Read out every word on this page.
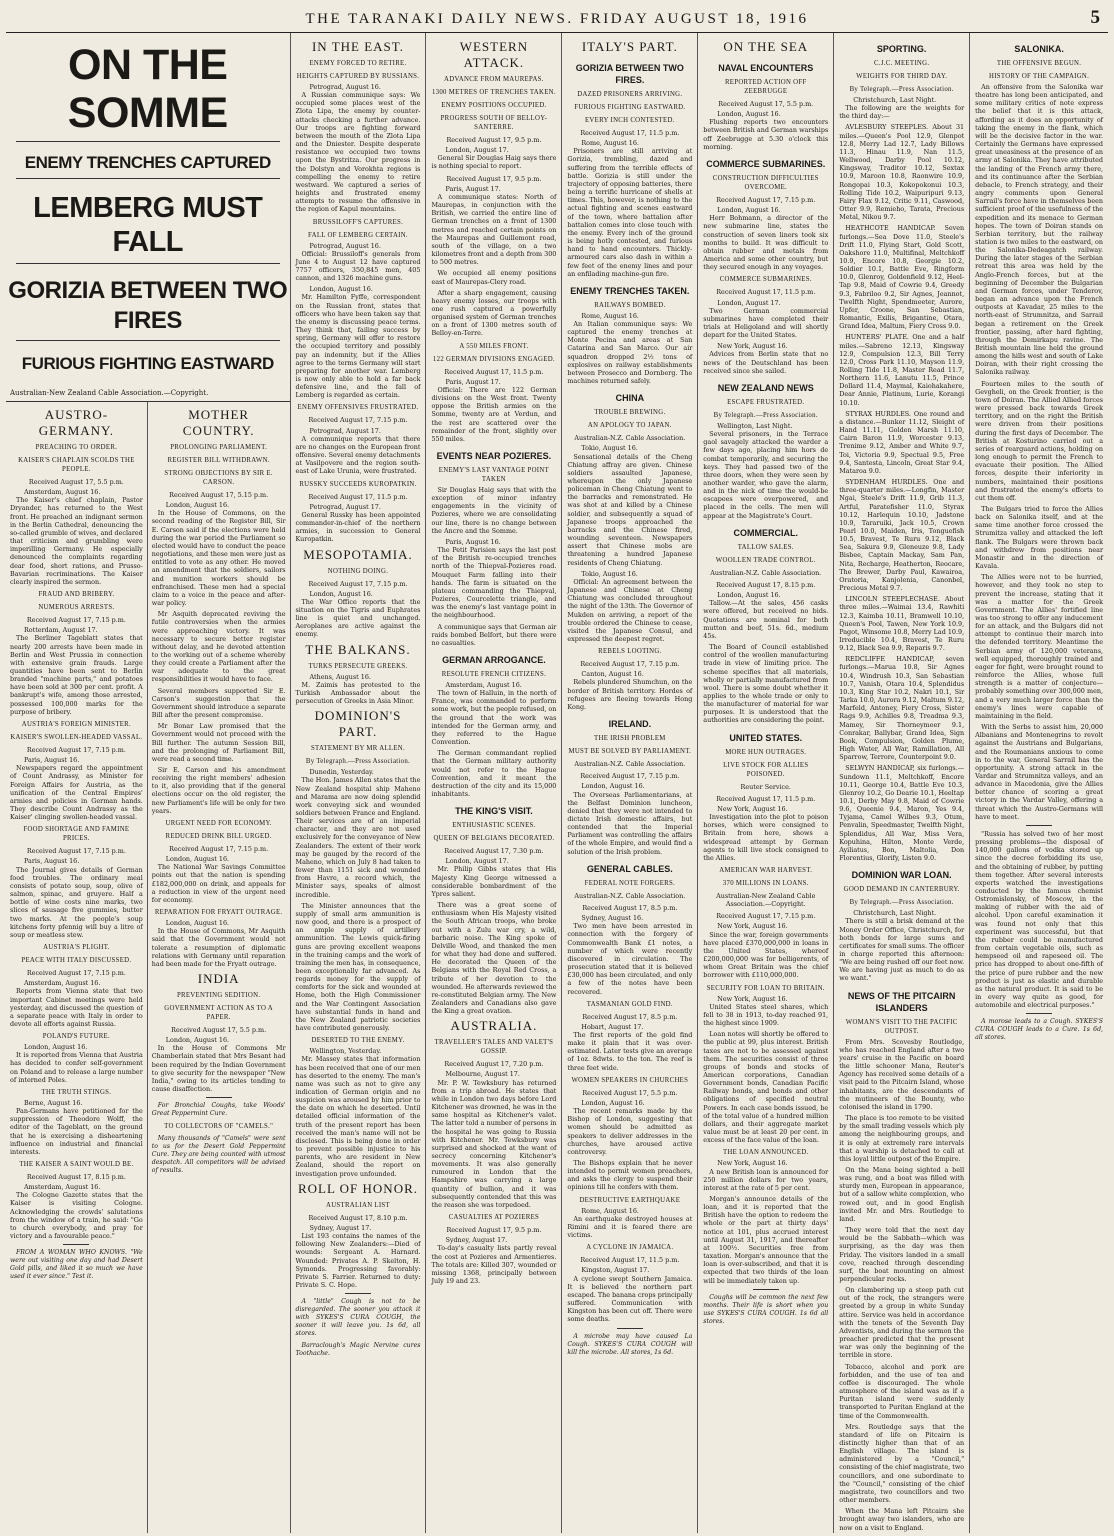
THE TARANAKI DAILY NEWS. FRIDAY AUGUST 18, 1916	5
ON THE SOMME
ENEMY TRENCHES CAPTURED
LEMBERG MUST FALL
GORIZIA BETWEEN TWO FIRES
FURIOUS FIGHTING EASTWARD
Australian-New Zealand Cable Association.—Copyright.
AUSTRO-GERMANY.
PREACHING TO ORDER.
KAISER'S CHAPLAIN SCOLDS THE PEOPLE.
Received August 17, 5.5 p.m.

Amsterdam, August 16.

The Kaiser's chief chaplain, Pastor Dryander, has returned to the West front. He preached an indignant sermon in the Berlin Cathedral, denouncing the so-called grumble of wives, and declared that criticism and grumbling were imperilling Germany. He especially denounced the complaints regarding dear food, short rations, and Prusso-Bavarian recriminations. The Kaiser clearly inspired the sermon.

FRAUD AND BRIBERY.
NUMEROUS ARRESTS.
Received August 17, 7.15 p.m.

Rotterdam, August 17.

The Berliner Tageblatt states that nearly 200 arrests have been made in Berlin and West Prussia in connection with extensive grain frauds. Large quantities have been sent to Berlin branded "machine parts," and potatoes have been sold at 300 per cent. profit. A bankrupt's wife, among those arrested, possessed 100,000 marks for the purpose of bribery.

AUSTRIA'S FOREIGN MINISTER.
KAISER'S SWOLLEN-HEADED VASSAL.
Received August 17, 7.15 p.m.

Paris, August 16.

Newspapers regard the appointment of Count Andrassy, as Minister for Foreign Affairs for Austria, as the unification of the Central Empires' armies and policies in German hands. They describe Count Andrassy as the Kaiser' clinging swollen-headed vassal.

FOOD SHORTAGE AND FAMINE PRICES.
Received August 17, 7.15 p.m.

Paris, August 16.

The Journal gives details of German food troubles. The ordinary meal consists of potato soup, soup, olive of salmon, spinac, and gruyere. Half a bottle of wine costs nine marks, two slices of sausage five gummies, butter two marks. At the people's soup kitchens forty pfennig will buy a litre of soup or meatless stew.

AUSTRIA'S PLIGHT.
PEACE WITH ITALY DISCUSSED.
Received August 17, 7.15 p.m.

Amsterdam, August 16.

Reports from Vienna state that two important Cabinet meetings were held yesterday, and discussed the question of a separate peace with Italy in order to devote all efforts against Russia.

POLAND'S FUTURE.

London, August 16.

It is reported from Vienna that Austria has decided to confer self-government on Poland and to release a large number of interned Poles.

THE TRUTH STINGS.

Berne, August 16.

Pan-Germans have petitioned for the suppression of Theodore Wolff, the editor of the Tageblatt, on the ground that he is exercising a disheartening influence on industrial and financial interests.

THE KAISER A SAINT WOULD BE.
Received August 17, 8.15 p.m.

Amsterdam, August 16.

The Cologne Gazette states that the Kaiser is visiting Cologne. Acknowledging the crowds' salutations from the window of a train, he said: "Go to church everybody, and pray for victory and a favourable peace."

FROM A WOMAN WHO KNOWS. "We were out visiting one day and had Desert Gold pills, and liked it so much we have used it ever since." Test it.

MOTHER COUNTRY.
PROLONGING PARLIAMENT.
REGISTER BILL WITHDRAWN.
STRONG OBJECTIONS BY SIR E. CARSON.
Received August 17, 5.15 p.m.

London, August 16.

In the House of Commons, on the second reading of the Register Bill, Sir E. Carson said if the elections were held during the war period the Parliament so elected would have to conduct the peace negotiations, and these men were just as entitled to vote as any other. He moved an amendment that the soldiers, sailors and munition workers should be enfranchised. These men had a special claim to a voice in the peace and after-war policy.

Mr Asquith deprecated reviving the futile controversies when the armies were approaching victory. It was necessary to secure better register without delay, and he devoted attention to the working out of a scheme whereby they could create a Parliament after the war adequate to the great responsibilities it would have to face.

Several members supported Sir E. Carson's suggestion that the Government should introduce a separate Bill after the present compromise.

Mr Bonar Law promised that the Government would not proceed with the Bill further. The autumn Session Bill, and the prolonging of Parliament Bill, were read a second time.

Sir E. Carson and his amendment receiving the right members' adhesion to it, also providing that if the general elections occur on the old register, the new Parliament's life will be only for two years.

URGENT NEED FOR ECONOMY.
REDUCED DRINK BILL URGED.
Received August 17, 7.15 p.m.

London, August 16.

The National War Savings Committee points out that the nation is spending £182,000,000 on drink, and appeals for a reduction in view of the urgent need for economy.

REPARATION FOR FRYATT OUTRAGE.

London, August 16.

In the House of Commons, Mr Asquith said that the Government would not tolerate a resumption of diplomatic relations with Germany until reparation had been made for the Fryatt outrage.

INDIA
PREVENTING SEDITION.
GOVERNMENT ACTION AS TO A PAPER.
Received August 17, 5.5 p.m.

London, August 16.

In the House of Commons Mr Chamberlain stated that Mrs Besant had been required by the Indian Government to give security for the newspaper "New India," owing to its articles tending to cause disaffection.

For Bronchial Coughs, take Woods' Great Peppermint Cure.

TO COLLECTORS OF "CAMELS."

Many thousands of "Camels" were sent to us for the Desert Gold Peppermint Cure. They are being counted with utmost despatch. All competitors will be advised of results.

IN THE EAST.
ENEMY FORCED TO RETIRE.
HEIGHTS CAPTURED BY RUSSIANS.

Petrograd, August 16.

A Russian communique says: We occupied some places west of the Zlota Lipa, the enemy by counter-attacks checking a further advance. Our troops are fighting forward between the mouth of the Zlota Lipa and the Dniester. Despite desperate resistance we occupied two towns upon the Bystritza. Our progress in the Dolstyn and Vorokhta regions is compelling the enemy to retire westward. We captured a series of heights and frustrated enemy attempts to resume the offensive in the region of Kapul mountains.

BRUSSILOFF'S CAPTURES.
FALL OF LEMBERG CERTAIN.

Petrograd, August 16.

Official: Brussiloff's generals from June 4 to August 12 have captured 7757 officers, 350,845 men, 405 cannon, and 1326 machine guns.

London, August 16.

Mr. Hamilton Fyffe, correspondent on the Russian front, states that officers who have been taken say that the enemy is discussing peace terms. They think that, failing success by spring, Germany will offer to restore the occupied territory and possibly pay an indemnity, but if the Allies agree to the terms Germany will start preparing for another war. Lemberg is now only able to hold a far back defensive line, and the fall of Lemberg is regarded as certain.

ENEMY OFFENSIVES FRUSTRATED.
Received August 17, 7.15 p.m.

Petrograd, August 17.

A communique reports that there are no changes on the European front offensive. Several enemy detachments at Vasilpovere and the region south-east of Lake Urunia, were frustrated.

RUSSKY SUCCEEDS KUROPATKIN.
Received August 17, 11.5 p.m.

Petrograd, August 17.

General Russky has been appointed commander-in-chief of the northern armies, in succession to General Kuropatkin.

MESOPOTAMIA.
NOTHING DOING.
Received August 17, 7.15 p.m.

London, August 16.

The War Office reports that the situation on the Tigris and Euphrates line is quiet and unchanged. Aeroplanes are active against the enemy.

THE BALKANS.
TURKS PERSECUTE GREEKS.

Athens, August 16.

M. Zaimis has protested to the Turkish Ambassador about the persecution of Greeks in Asia Minor.

DOMINION'S PART.
STATEMENT BY MR ALLEN.
By Telegraph.—Press Association.

Dunedin, Yesterday.

The Hon. James Allen states that the New Zealand hospital ship Maheno and Marama are now doing splendid work conveying sick and wounded soldiers between France and England. Their services are of an imperial character, and they are not used exclusively for the conveyance of New Zealanders. The extent of their work may be gauged by the record of the Maheno, which on July 8 had taken to fewer than 1151 sick and wounded from Havre, a record which, the Minister says, speaks of almost incredible.

The Minister announces that the supply of small arm ammunition is now good, and there is a prospect of an ample supply of artillery ammunition. The Lewis quick-firing guns are proving excellent weapons in the training camps and the work of training the men has, in consequence, been exceptionally far advanced. As regards money for the supply of comforts for the sick and wounded at Home, both the High Commissioner and the War Contingent Association have substantial funds in hand and the New Zealand patriotic societies have contributed generously.

DESERTED TO THE ENEMY.

Wellington, Yesterday.

Mr. Massey states that information has been received that one of our men has deserted to the enemy. The man's name was such as not to give any indication of German origin and no suspicion was aroused by him prior to the date on which he deserted. Until detailed official information of the truth of the present report has been received the man's name will not be disclosed. This is being done in order to prevent possible injustice to his parents, who are resident in New Zealand, should the report on investigation prove unfounded.

ROLL OF HONOR.
AUSTRALIAN LIST
Received August 17, 8.10 p.m.

Sydney, August 17.

List 193 contains the names of the following New Zealanders:—Died of wounds: Sergeant A. Harnard. Wounded: Privates A. P. Skelton, H. Symonds. Progressing favorably: Private S. Farrier. Returned to duty: Private S. C. Hope.

A "little" Cough is not to be disregarded. The sooner you attack it with SYKES'S CURA COUGH, the sooner it will leave you. 1s 6d, all stores.

Barraclough's Magic Nervine cures Toothache.

WESTERN ATTACK.
ADVANCE FROM MAUREPAS.
1300 METRES OF TRENCHES TAKEN.
ENEMY POSITIONS OCCUPIED.
PROGRESS SOUTH OF BELLOY-SANTERRE.
Received August 17, 9.5 p.m.

London, August 17.

General Sir Douglas Haig says there is nothing special to report.

Received August 17, 9.5 p.m.

Paris, August 17.

A communique states: North of Maurepas, in conjunction with the British, we carried the entire line of German trenches on a front of 1300 metres and reached certain points on the Maurepas and Guillemont road, south of the village, on a two kilometres front and a depth from 300 to 500 metres.

We occupied all enemy positions east of Maurepas-Clery road.

After a sharp engagement, causing heavy enemy losses, our troops with one rush captured a powerfully organised system of German trenches on a front of 1300 metres south of Belloy-en-Terre.

A 550 MILES FRONT.
122 GERMAN DIVISIONS ENGAGED.
Received August 17, 11.5 p.m.

Paris, August 17.

Official: There are 122 German divisions on the West front. Twenty oppose the British armies on the Somme, twenty are at Verdun, and the rest are scattered over the remainder of the front, slightly over 550 miles.

EVENTS NEAR POZIERES.
ENEMY'S LAST VANTAGE POINT TAKEN

Sir Douglas Haig says that with the exception of minor infantry engagements in the vicinity of Pozieres, where we are consolidating our line, there is no change between the Ancre and the Somme.

Paris, August 16.

The Petit Parisien says the last post of the British re-occupied trenches north of the Thiepval-Pozieres road. Mouquet Farm falling into their hands. The farm is situated on the plateau commanding the Thiepval, Pozieres, Courcelette triangle, and was the enemy's last vantage point in the neighbourhood.

A communique says that German air raids bombed Belfort, but there were no casualties.

GERMAN ARROGANCE.
RESOLUTE FRENCH CITIZENS.

Amsterdam, August 16.

The town of Halluin, in the north of France, was commanded to perform some work, but the people refused, on the ground that the work was intended for the German army, and they referred to the Hague Convention.

The German commandant replied that the German military authority would not refer to the Hague Convention, and it meant the destruction of the city and its 15,000 inhabitants.

THE KING'S VISIT.
ENTHUSIASTIC SCENES.
QUEEN OF BELGIANS DECORATED.
Received August 17, 7.30 p.m.

London, August 17.

Mr. Philip Gibbs states that His Majesty King George witnessed a considerable bombardment of the Ypres salient.

There was a great scene of enthusiasm when His Majesty visited the South African troops, who broke out with a Zulu war cry, a wild, barbaric noise. The King spoke of Delville Wood, and thanked the men for what they had done and suffered. He decorated the Queen of the Belgians with the Royal Red Cross, a tribute of her devotion to the wounded. He afterwards reviewed the re-constituted Belgian army. The New Zealanders and Canadians also gave the King a great ovation.

AUSTRALIA.
TRAVELLER'S TALES AND VALET'S GOSSIP.
Received August 17, 7.20 p.m.

Melbourne, August 17.

Mr. P. W. Tewksbury has returned from a trip abroad. He states that while in London two days before Lord Kitchener was drowned, he was in the same hospital as Kitchener's valet. The latter told a number of persons in the hospital he was going to Russia with Kitchener. Mr. Tewksbury was surprised and shocked at the want of secrecy concerning Kitchener's movements. It was also generally rumoured in London that the Hampshire was carrying a large quantity of bullion, and it was subsequently contended that this was the reason she was torpedoed.

CASUALTIES AT POZIERES
Received August 17, 9.5 p.m.

Sydney, August 17.

To-day's casualty lists partly reveal the cost at Pozieres and Armentieres. The totals are: Killed 307, wounded or missing 1368, principally between July 19 and 23.

ITALY'S PART.
GORIZIA BETWEEN TWO FIRES.
DAZED PRISONERS ARRIVING.
FURIOUS FIGHTING EASTWARD.
EVERY INCH CONTESTED.
Received August 17, 11.5 p.m.

Rome, August 16.

Prisoners are still arriving at Gorizia, trembling, dazed and suffering from the terrible effects of battle. Gorizia is still under the trajectory of opposing batteries, there being a terrific hurricane of shells at times. This, however, is nothing to the actual fighting and scenes eastward of the town, where battalion after battalion comes into close touch with the enemy. Every inch of the ground is being hotly contested, and furious hand to hand encounters. Thickly-armoured cars also dash in within a few feet of the enemy lines and pour an enfilading machine-gun fire.

ENEMY TRENCHES TAKEN.
RAILWAYS BOMBED.

Rome, August 16.

An Italian communique says: We captured the enemy trenches at Monte Pecina and areas at San Catarina and San Marco. Our air squadron dropped 2½ tons of explosives on railway establishments between Prosecco and Dornberg. The machines returned safely.

CHINA
TROUBLE BREWING.
AN APOLOGY TO JAPAN.
Australian-N.Z. Cable Association.

Tokio, August 16.

Sensational details of the Cheng Chiatung affray are given. Chinese soldiers assaulted Japanese, whereupon the only Japanese policeman in Cheng Chiatung went to the barracks and remonstrated. He was shot at and killed by a Chinese soldier, and subsequently a squad of Japanese troops approached the barracks and the Chinese fired, wounding seventeen. Newspapers assert that Chinese mobs are threatening a hundred Japanese residents of Cheng Chiatung.

Tokio, August 16.

Official: An agreement between the Japanese and Chinese at Cheng Chiatung was concluded throughout the night of the 13th. The Governor of Mukden on arriving, a report of the trouble ordered the Chinese to cease, visited the Japanese Consul, and expressed the deepest regret.

REBELS LOOTING.
Received August 17, 7.15 p.m.

Canton, August 16.

Rebels plundered Shumchun, on the border of British territory. Hordes of refugees are fleeing towards Hong Kong.

IRELAND.
THE IRISH PROBLEM
MUST BE SOLVED BY PARLIAMENT.
Australian-N.Z. Cable Association.
Received August 17, 7.15 p.m.

London, August 16.

The Overseas Parliamentarians, at the Belfast Dominion luncheon, denied that they were not intended to dictate Irish domestic affairs, but contended that the Imperial Parliament was controlling the affairs of the whole Empire, and would find a solution of the Irish problem.

GENERAL CABLES.
FEDERAL NOTE FORGERS.
Australian-N.Z. Cable Association.
Received August 17, 8.5 p.m.

Sydney, August 16.

Two men have been arrested in connection with the forgery of Commonwealth Bank £1 notes, a number of which were recently discovered in circulation. The prosecution stated that it is believed £30,000 has been circulated, and only a few of the notes have been recovered.

TASMANIAN GOLD FIND.
Received August 17, 8.5 p.m.

Hobart, August 17.

The first reports of the gold find make it plain that it was over-estimated. Later tests give an average of 1oz. 8dwts. to the ton. The reef is three feet wide.

WOMEN SPEAKERS IN CHURCHES
Received August 17, 5.5 p.m.

London, August 16.

The recent remarks made by the Bishop of London, suggesting that women should be admitted as speakers to deliver addresses in the churches, have aroused active controversy.

The Bishops explain that he never intended to permit women preachers, and asks the clergy to suspend their opinions till he confers with them.

DESTRUCTIVE EARTHQUAKE

Rome, August 16.

An earthquake destroyed houses at Rimini and it is feared there are victims.

A CYCLONE IN JAMAICA.
Received August 17, 11.5 p.m.

Kingston, August 17.

A cyclone swept Southern Jamaica. It is believed the northern part escaped. The banana crops principally suffered. Communication with Kingston has been cut off. There were some deaths.

A microbe may have caused La Cough. SYKES'S CURA COUGH will kill the microbe. All stores, 1s 6d.

ON THE SEA
NAVAL ENCOUNTERS
REPORTED ACTION OFF ZEEBRUGGE
Received August 17, 5.5 p.m.

London, August 16.

Flushing reports two encounters between British and German warships off Zeebrugge at 5.30 o'clock this morning.

COMMERCE SUBMARINES.
CONSTRUCTION DIFFICULTIES OVERCOME.
Received August 17, 7.15 p.m.

London, August 16.

Herr Bohmann, a director of the new submarine line, states the construction of seven liners took six months to build. It was difficult to obtain rubber and metals from America and some other country, but they secured enough in any voyages.

COMMERCE SUBMARINES.
Received August 17, 11.5 p.m.

London, August 17.

Two German commercial submarines have completed their trials at Heligoland and will shortly depart for the United States.

New York, August 16.

Advices from Berlin state that no news of the Deutschland has been received since she sailed.

NEW ZEALAND NEWS
ESCAPE FRUSTRATED.
By Telegraph.—Press Association.

Wellington, Last Night.

Several prisoners, in the Terrace gaol savagely attacked the warder a few days ago, placing him hors de combat temporarily, and securing the keys. They had passed two of the three doors, when they were seen by another warder, who gave the alarm, and in the nick of time the would-be escapees were overpowered, and placed in the cells. The men will appear at the Magistrate's Court.

COMMERCIAL.
TALLOW SALES.
WOOLLEN TRADE CONTROL.
Australian-N.Z. Cable Association.
Received August 17, 8.15 p.m.

London, August 16.

Tallow.—At the sales, 456 casks were offered, but received no bids. Quotations are nominal for both mutton and beef, 51s. 6d., medium 45s.

The Board of Council established control of the woollen manufacturing trade in view of limiting price. The scheme specifies that all materials, wholly or partially manufactured from wool. There is some doubt whether it applies to the whole trade or only to the manufacturer of material for war purposes. It is understood that the authorities are considering the point.

UNITED STATES.
MORE HUN OUTRAGES.
LIVE STOCK FOR ALLIES POISONED.
Reuter Service.
Received August 17, 11.5 p.m.

New York, August 16.

Investigation into the plot to poison horses, which were consigned to Britain from here, shows a widespread attempt by German agents to kill live stock consigned to the Allies.

AMERICAN WAR HARVEST.
370 MILLIONS IN LOANS.
Australian-New Zealand Cable Association.—Copyright.
Received August 17, 7.15 p.m.

New York, August 16.

Since the war, foreign governments have placed £370,000,000 in loans in the United States, whereof £200,000,000 was for belligerents, of whom Great Britain was the chief borrower with £110,000,000.

SECURITY FOR LOAN TO BRITAIN.

New York, August 16.

United States steel shares, which fell to 38 in 1913, to-day reached 91, the highest since 1909.

Loan notes will shortly be offered to the public at 99, plus interest. British taxes are not to be assessed against them. The securities consist of three groups of bonds and stocks of American corporations, Canadian Government bonds, Canadian Pacific Railway bonds, and bonds and other obligations of specified neutral Powers. In each case bonds issued, be of the total value of a hundred million dollars, and their aggregate market value must be at least 20 per cent. in excess of the face value of the loan.

THE LOAN ANNOUNCED.

New York, August 16.

A new British loan is announced for 250 million dollars for two years, interest at the rate of 5 per cent.

Morgan's announce details of the loan, and it is reported that the British have the option to redeem the whole or the part at thirty days' notice at 101, plus accrued interest until August 31, 1917, and thereafter at 100½. Securities free from taxation. Morgan's announce that the loan is over-subscribed, and that it is expected that two thirds of the loan will be immediately taken up.

Coughs will be common the next few months. Their life is short when you use SYKES'S CURA COUGH. 1s 6d all stores.

SPORTING.
C.J.C. MEETING.
WEIGHTS FOR THIRD DAY.
By Telegraph.—Press Association.

Christchurch, Last Night.

The following are the weights for the third day:—

AVLESBURY STEEPLES. About 31 miles.—Queen's Pool 12.9, Glenpot 12.8, Merry Lad 12.7, Lady Billows 11.3, Hinau 11.9, Nan 11.5, Wellwood, Darby Pool 10.12, Kingsway, Traditor 10.12, Sextax 10.9, Maroon 10.8, Raonwire 10.9, Rongopai 10.3, Kokopokonui 10.3, Rolling Tide 10.2, Waipuripuri 9.13, Fairy Flax 9.12, Critic 9.11, Caswood, Otter 9.9, Remieho, Tarata, Precious Metal, Nikou 9.7.

HEATHCOTE HANDICAP. Seven furlongs.—Sea Dove 11.0, Steele's Drift 11.0, Flying Start, Gold Scott, Oakshore 11.0, Multifinal, Meltchkoff 10.9, Encore 10.8, Georgie 10.2, Soldier 10.1, Battle Eve, Ringform 10.0, Glenroy, Goldenfield 9.12, Heel-Tap 9.8, Maid of Cowrie 9.4, Greedy 9.3, Fabriloo 9.2, Sir Agnes, Jeannot, Twelfth Night, Spendmeeter, Aurore, Upfer, Croone, San Sebastian, Romantic, Exilis, Brigantine, Otara, Grand Idea, Maltum, Fiery Cross 9.0.

HUNTERS' PLATE. One and a half miles.—Sabreno 12.13, Kingsway 12.9, Compulsion 12.3, Bill Terry 12.0, Cross Park 11.10, Mayson 11.9, Rolling Tide 11.8, Master Read 11.7, Northern 11.6, Lanutu 11.5, Prince Dollard 11.4, Maymal, Kaiohakahere, Dear Annie, Platinum, Lurie, Korangi 10.10.

STYRAX HURDLES. One round and a distance.—Bunker 11.12, Sleight of Hand 11.11, Golden Marsh 11.10, Cairn Baron 11.9, Worcester 9.13, Trenime 9.12, Amber and White 9.7, Toi, Victoria 9.9, Spectual 9.5, Free 9.4, Santesta, Lincoln, Great Star 9.4, Mataroa 9.0.

SYDENHAM HURDLES. One and three-quarter miles.—Longfin, Master Ngai, Steele's Drift 11.9, Grib 11.3, Artful, Paratefisher 11.0, Styrax 10.12, Harlequin 10.10, Jadstone 10.9, Tararuiki, Jack 10.5, Crown Pearl 10.0, Maiden, Iris, Tonguefish 10.5, Bravest, Te Ruru 9.12, Black Sea, Sakura 9.9, Gleneuze 9.8, Lady Bisbee, Captain Mackay, Sam Pan, Nita, Recharge, Heatherton, Reocare, The Brewer, Darby Paul, Kawairoa, Oratoria, Kanjolenia, Canonbel, Precious Metal 9.7.

LINCOLN STEEPLECHASE. About three miles.—Waimai 13.4, Rawhiti 12.3, Kaimba 10.11, Bramwell 10.10, Queen's Pool, Tawen, New York 10.9, Pagot, Winsome 10.8, Merry Lad 10.9, Irreducible 10.4, Bravest, Te Ruru 9.12, Black Sea 9.9, Reparis 9.7.

REDCLIFFE HANDICAP, seven furlongs.—Marua 10.8, Sir Agnes 10.4, Windrush 10.3, San Sebastian 10.7, Vanish, Otara 10.4, Splendidus 10.3, King Star 10.2, Nakri 10.1, Sir Tarka 10.0, Aurora 9.12, Maltum 9.12, Marfeld, Antoney, Fiery Cross, Sister Rags 9.9, Achilles 9.8, Treadma 9.3, Mamey, Sir Thorneymeer 9.1, Conrakar, Ballybar, Grand Idea, Sign Book, Compulsion, Golden Plume, High Water, All War, Ramillation, All Sparrow, Terrore, Counterpoint 9.0.

SELWYN HANDICAP, six furlongs.—Sundown 11.1, Meltchkoff, Encore 10.11, George 10.4, Battle Eve 10.3, Glenroy 10.2, Go Dearie 10.1, Heeltap 10.1, Derby May 9.8, Maid of Cowrie 9.6, Queenie 9.4, Maron, Yes 9.4, Tyjama, Camel Wilbes 9.3, Otum, Penvalin, Speedmaster, Twelfth Night, Splendidus, All War, Miss Vera, Kopuhina, Hilton, Monte Verde, Ayiliatus, Bon, Maltolia, Don Florentius, Glorify, Listen 9.0.

DOMINION WAR LOAN.
GOOD DEMAND IN CANTERBURY.
By Telegraph.—Press Association.

Christchurch, Last Night.

There is still a brisk demand at the Money Order Office, Christchurch, for both bonds for large sums and certificates for small sums. The officer in charge reported this afternoon: "We are being rushed off our feet now. We are having just as much to do as we want."

NEWS OF THE PITCAIRN ISLANDERS
WOMAN'S VISIT TO THE PACIFIC OUTPOST.

From Mrs. Scovesby Routledge, who has reached England after a two years' cruise in the Pacific on board the little schooner Mana, Reuter's Agency has received some details of a visit paid to the Pitcairn Island, whose inhabitants, are the descendants of the mutineers of the Bounty, who colonised the island in 1790.

The place is too remote to be visited by the small trading vessels which ply among the neighbouring groups, and it is only at extremely rare intervals that a warship is detached to call at this loyal little outpost of the Empire.

On the Mana being sighted a bell was rung, and a boat was filled with sturdy men, European in appearance, but of a sallow white complexion, who rowed out, and in good English invited Mr. and Mrs. Routledge to land.

They were told that the next day would be the Sabbath—which was surprising, as the day was then Friday. The visitors landed in a small cove, reached through descending surf, the boat mounting on almost perpendicular rocks.

On clambering up a steep path cut out of the rock, the strangers were greeted by a group in white Sunday attire. Service was held in accordance with the tenets of the Seventh Day Adventists, and during the sermon the preacher predicted that the present war was only the beginning of the terrible in store.

Tobacco, alcohol and pork are forbidden, and the use of tea and coffee is discouraged. The whole atmosphere of the island was as if a Puritan island were suddenly transported to Puritan England at the time of the Commonwealth.

Mrs. Routledge says that the standard of life on Pitcairn is distinctly higher than that of an English village. The island is administered by a "Council," consisting of the chief magistrate, two councillors, and one subordinate to the "Council," consisting of the chief magistrate, two councillors and two other members.

When the Mana left Pitcairn she brought away two islanders, who are now on a visit to England.

SALONIKA.
THE OFFENSIVE BEGUN.
HISTORY OF THE CAMPAIGN.

An offensive from the Salonika war theatre has long been anticipated, and some military critics of note express the belief that it is this attack, affording as it does an opportunity of taking the enemy in the flank, which will be the decisive factor in the war. Certainly the Germans have expressed great uneasiness at the presence of an army at Salonika. They have attributed the landing of the French army there, and its continuance after the Serbian debacle, to French strategy, and their angry comments upon General Sarrail's force have in themselves been sufficient proof of the usefulness of the expedition and its menace to German hopes. The town of Doiran stands on Serbian territory, but the railway station is two miles to the eastward, on the Salonika-Dedeagatch railway. During the later stages of the Serbian retreat this area was held by the Anglo-French forces, but at the beginning of December the Bulgarian and German forces, under Tenderov, began an advance upon the French outposts at Kavadar, 25 miles to the north-east of Strumnitza, and Sarrail began a retirement on the Greek frontier, passing, after hard fighting, through the Demirkapu ravine. The British mountain line held the ground among the hills west and south of Lake Doiran, with their right crossing the Salonika railway.

Fourteen miles to the south of Gevgheli, on the Greek frontier, is the town of Doiran. The Allied Allied forces were pressed back towards Greek territory, and on the right the British were driven from their positions during the first days of December. The British at Kosturino carried out a series of rearguard actions, holding on long enough to permit the French to evacuate their position. The Allied forces, despite their inferiority in numbers, maintained their positions and frustrated the enemy's efforts to cut them off.

The Bulgars tried to force the Allies back on Salonika itself, and at the same time another force crossed the Strumitza valley and attacked the left flank. The Bulgars were thrown back and withdrew from positions near Monastir and in the direction of Kavala.

The Allies were not to be hurried, however, and they took no step to prevent the increase, stating that it was a matter for the Greek Government. The Allies' fortified line was too strong to offer any inducement for an attack, and the Bulgars did not attempt to continue their march into the defended territory. Meantime the Serbian army of 120,000 veterans, well equipped, thoroughly trained and eager for fight, were brought round to reinforce the Allies, whose full strength is a matter of conjecture—probably something over 300,000 men, and a very much larger force than the enemy's lines were capable of maintaining in the field.

With the Serbs to assist him, 20,000 Albanians and Montenegrins to revolt against the Austrians and Bulgarians, and the Roumanians anxious to come in to the war, General Sarrail has the opportunity. A strong attack in the Vardar and Strumnitza valleys, and an advance in Macedonia, give the Allies better chance of scoring a great victory in the Vardar Valley, offering a threat which the Austro-Germans will have to meet.

"Russia has solved two of her most pressing problems—the disposal of 140,000 gallons of vodka stored up since the decree forbidding its use, and the obtaining of rubber, by putting them together. After several interests experts watched the investigations conducted by the famous chemist Ostromislensky, of Moscow, in the making of rubber with the aid of alcohol. Upon careful examination it was found not only that this experiment was successful, but that the rubber could be manufactured from certain vegetable oils, such as hempseed oil and rapeseed oil. The price has dropped to about one-fifth of the price of pure rubber and the new product is just as elastic and durable as the natural product. It is said to be in every way quite as good, for automobile and electrical purposes."

A morose leads to a Cough. SYKES'S CURA COUGH leads to a Cure. 1s 6d, all stores.
